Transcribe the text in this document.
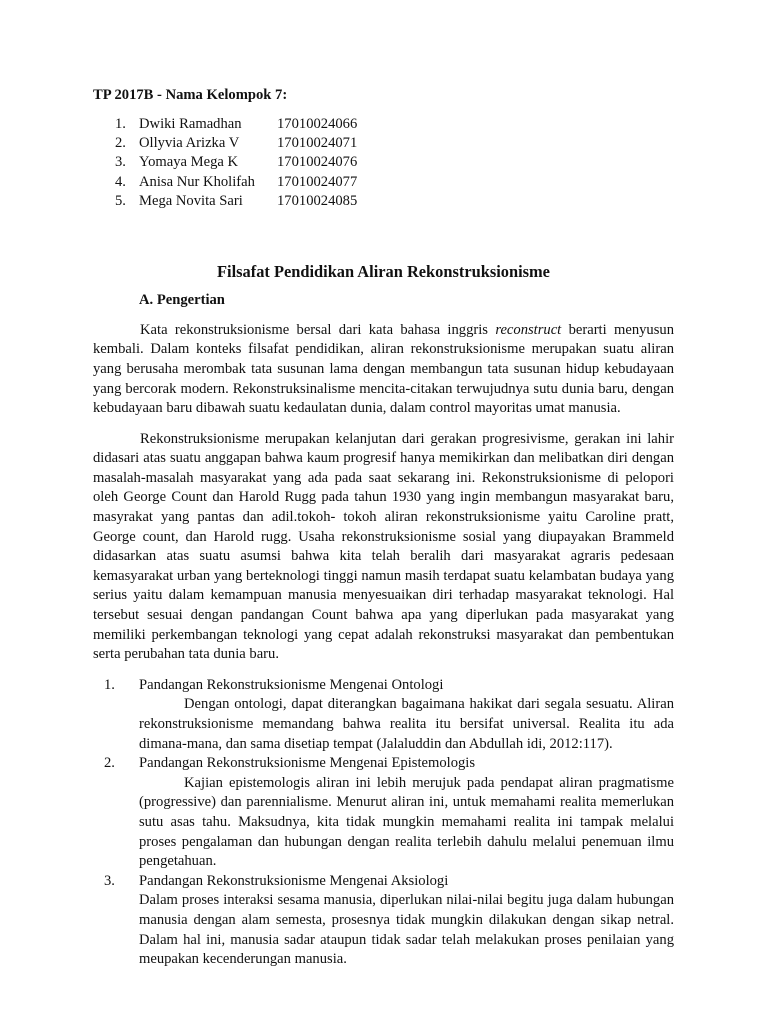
TP 2017B - Nama Kelompok 7:
1. Dwiki Ramadhan	17010024066
2. Ollyvia Arizka V	17010024071
3. Yomaya Mega K	17010024076
4. Anisa Nur Kholifah	17010024077
5. Mega Novita Sari	17010024085
Filsafat Pendidikan Aliran Rekonstruksionisme
A. Pengertian

Kata rekonstruksionisme bersal dari kata bahasa inggris reconstruct berarti menyusun kembali. Dalam konteks filsafat pendidikan, aliran rekonstruksionisme merupakan suatu aliran yang berusaha merombak tata susunan lama dengan membangun tata susunan hidup kebudayaan yang bercorak modern. Rekonstruksinalisme mencita-citakan terwujudnya sutu dunia baru, dengan kebudayaan baru dibawah suatu kedaulatan dunia, dalam control mayoritas umat manusia.

Rekonstruksionisme merupakan kelanjutan dari gerakan progresivisme, gerakan ini lahir didasari atas suatu anggapan bahwa kaum progresif hanya memikirkan dan melibatkan diri dengan masalah-masalah masyarakat yang ada pada saat sekarang ini. Rekonstruksionisme di pelopori oleh George Count dan Harold Rugg pada tahun 1930 yang ingin membangun masyarakat baru, masyrakat yang pantas dan adil.tokoh- tokoh aliran rekonstruksionisme yaitu Caroline pratt, George count, dan Harold rugg. Usaha rekonstruksionisme sosial yang diupayakan Brammeld didasarkan atas suatu asumsi bahwa kita telah beralih dari masyarakat agraris pedesaan kemasyarakat urban yang berteknologi tinggi namun masih terdapat suatu kelambatan budaya yang serius yaitu dalam kemampuan manusia menyesuaikan diri terhadap masyarakat teknologi. Hal tersebut sesuai dengan pandangan Count bahwa apa yang diperlukan pada masyarakat yang memiliki perkembangan teknologi yang cepat adalah rekonstruksi masyarakat dan pembentukan serta perubahan tata dunia baru.

1. Pandangan Rekonstruksionisme Mengenai Ontologi
Dengan ontologi, dapat diterangkan bagaimana hakikat dari segala sesuatu. Aliran rekonstruksionisme memandang bahwa realita itu bersifat universal. Realita itu ada dimana-mana, dan sama disetiap tempat (Jalaluddin dan Abdullah idi, 2012:117).
2. Pandangan Rekonstruksionisme Mengenai Epistemologis
Kajian epistemologis aliran ini lebih merujuk pada pendapat aliran pragmatisme (progressive) dan parennialisme. Menurut aliran ini, untuk memahami realita memerlukan sutu asas tahu. Maksudnya, kita tidak mungkin memahami realita ini tampak melalui proses pengalaman dan hubungan dengan realita terlebih dahulu melalui penemuan ilmu pengetahuan.
3. Pandangan Rekonstruksionisme Mengenai Aksiologi
Dalam proses interaksi sesama manusia, diperlukan nilai-nilai begitu juga dalam hubungan manusia dengan alam semesta, prosesnya tidak mungkin dilakukan dengan sikap netral. Dalam hal ini, manusia sadar ataupun tidak sadar telah melakukan proses penilaian yang meupakan kecenderungan manusia.
